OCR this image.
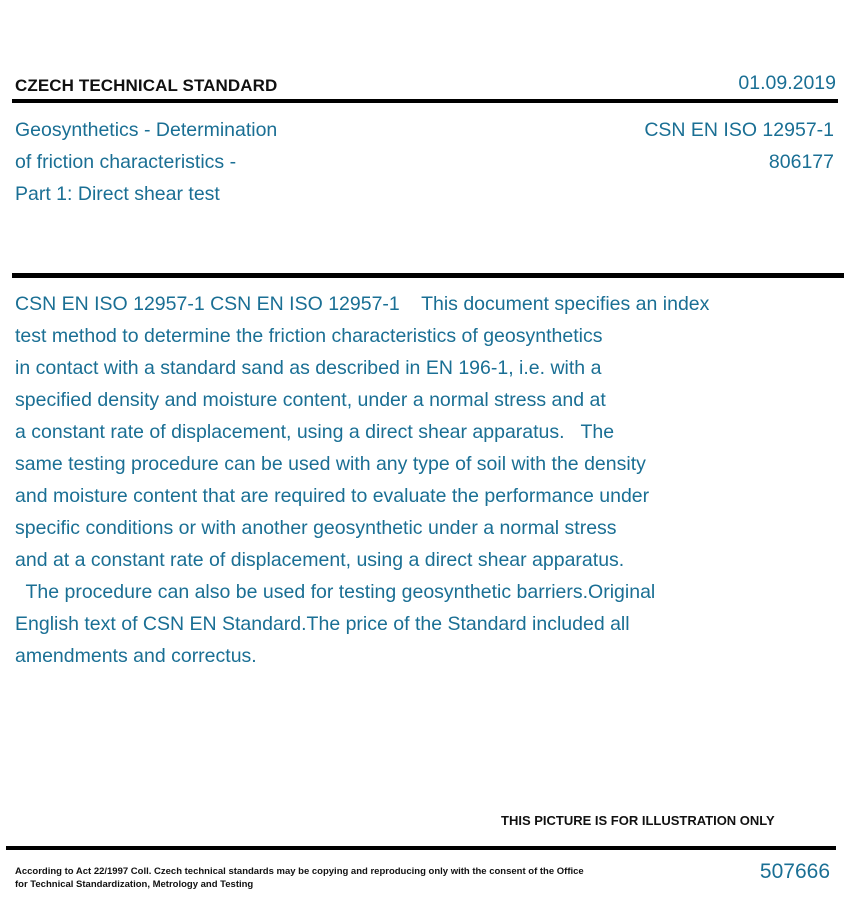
CZECH TECHNICAL STANDARD	01.09.2019
Geosynthetics - Determination
of friction characteristics -
Part 1: Direct shear test
CSN EN ISO 12957-1
806177
CSN EN ISO 12957-1 CSN EN ISO 12957-1    This document specifies an index
test method to determine the friction characteristics of geosynthetics
in contact with a standard sand as described in EN 196-1, i.e. with a
specified density and moisture content, under a normal stress and at
a constant rate of displacement, using a direct shear apparatus.   The
same testing procedure can be used with any type of soil with the density
and moisture content that are required to evaluate the performance under
specific conditions or with another geosynthetic under a normal stress
and at a constant rate of displacement, using a direct shear apparatus.
The procedure can also be used for testing geosynthetic barriers.Original
English text of CSN EN Standard.The price of the Standard included all
amendments and correctus.
THIS PICTURE IS FOR ILLUSTRATION ONLY
According to Act 22/1997 Coll. Czech technical standards may be copying and reproducing only with the consent of the Office
for Technical Standardization, Metrology and Testing
507666
